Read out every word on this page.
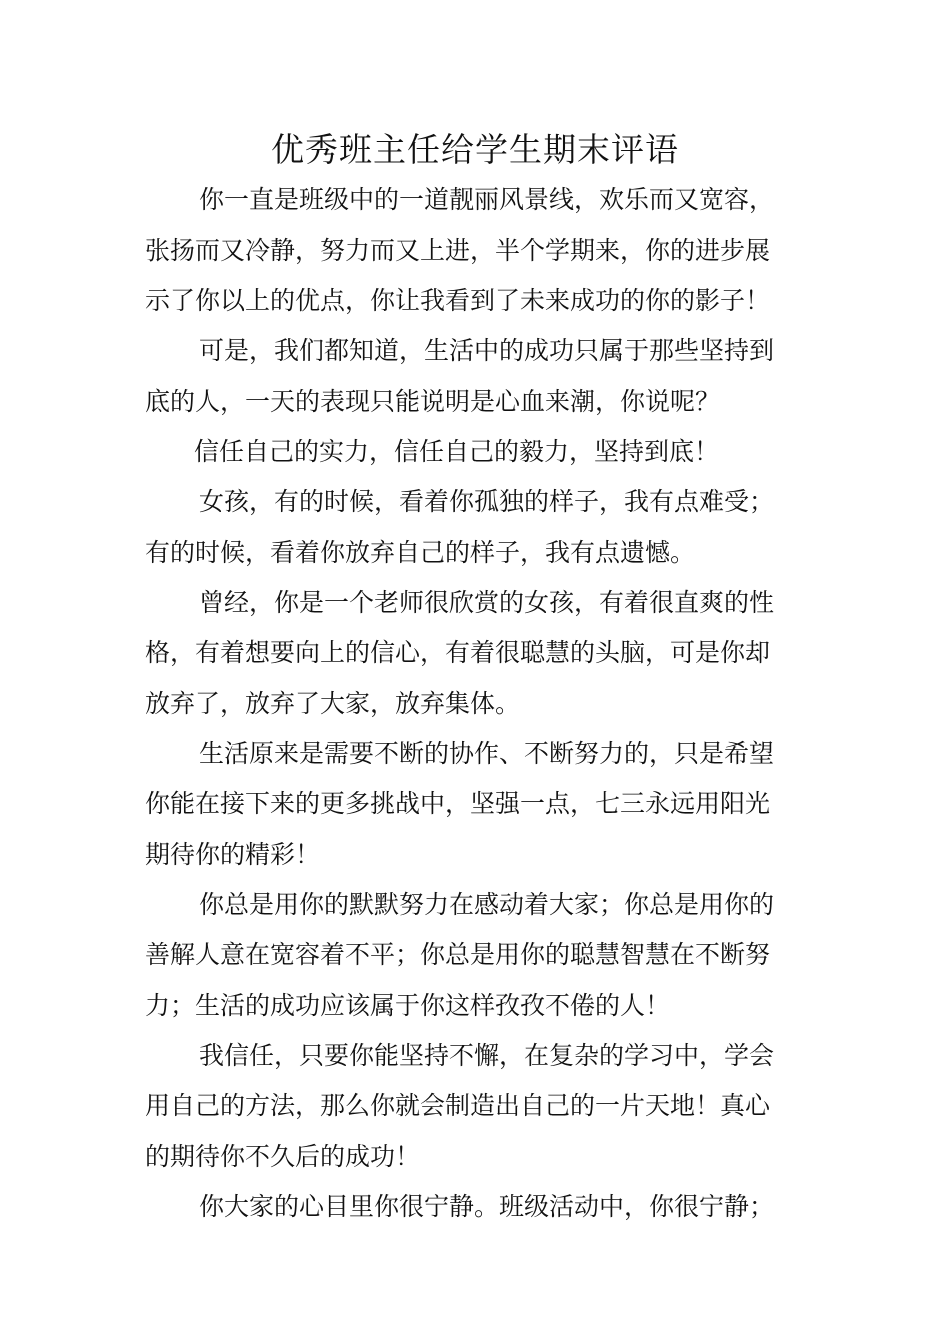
优秀班主任给学生期末评语

你一直是班级中的一道靓丽风景线，欢乐而又宽容，

张扬而又冷静，努力而又上进，半个学期来，你的进步展

示了你以上的优点，你让我看到了未来成功的你的影子！

可是，我们都知道，生活中的成功只属于那些坚持到

底的人，一天的表现只能说明是心血来潮，你说呢？

信任自己的实力，信任自己的毅力，坚持到底！

女孩，有的时候，看着你孤独的样子，我有点难受；

有的时候，看着你放弃自己的样子，我有点遗憾。

曾经，你是一个老师很欣赏的女孩，有着很直爽的性

格，有着想要向上的信心，有着很聪慧的头脑，可是你却

放弃了，放弃了大家，放弃集体。

生活原来是需要不断的协作、不断努力的，只是希望

你能在接下来的更多挑战中，坚强一点，七三永远用阳光

期待你的精彩！

你总是用你的默默努力在感动着大家；你总是用你的

善解人意在宽容着不平；你总是用你的聪慧智慧在不断努

力；生活的成功应该属于你这样孜孜不倦的人！

我信任，只要你能坚持不懈，在复杂的学习中，学会

用自己的方法，那么你就会制造出自己的一片天地！真心

的期待你不久后的成功！

你大家的心目里你很宁静。班级活动中，你很宁静；
